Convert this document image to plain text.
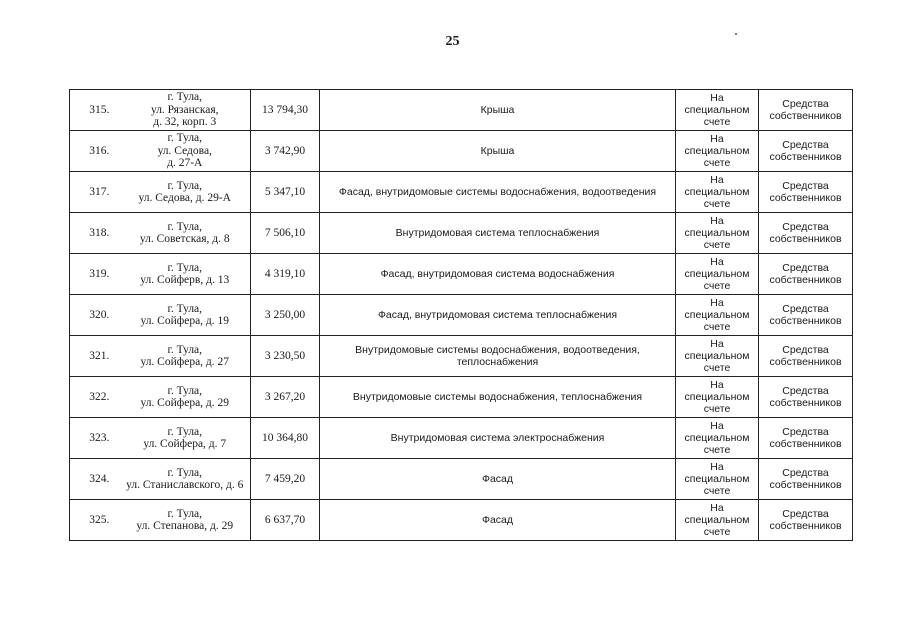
25
315.	г. Тула,
ул. Рязанская,
д. 32, корп. 3	13 794,30	Крыша	На
специальном
счете	Средства
собственников

316.	г. Тула,
ул. Седова,
д. 27-А	3 742,90	Крыша	На
специальном
счете	Средства
собственников

317.	г. Тула,
ул. Седова, д. 29-А	5 347,10	Фасад, внутридомовые системы водоснабжения, водоотведения	На
специальном
счете	Средства
собственников

318.	г. Тула,
ул. Советская, д. 8	7 506,10	Внутридомовая система теплоснабжения	На
специальном
счете	Средства
собственников

319.	г. Тула,
ул. Сойферв, д. 13	4 319,10	Фасад, внутридомовая система водоснабжения	На
специальном
счете	Средства
собственников

320.	г. Тула,
ул. Сойфера, д. 19	3 250,00	Фасад, внутридомовая система теплоснабжения	На
специальном
счете	Средства
собственников

321.	г. Тула,
ул. Сойфера, д. 27	3 230,50	Внутридомовые системы водоснабжения, водоотведения,
теплоснабжения	На
специальном
счете	Средства
собственников

322.	г. Тула,
ул. Сойфера, д. 29	3 267,20	Внутридомовые системы водоснабжения, теплоснабжения	На
специальном
счете	Средства
собственников

323.	г. Тула,
ул. Сойфера, д. 7	10 364,80	Внутридомовая система электроснабжения	На
специальном
счете	Средства
собственников

324.	г. Тула,
ул. Станиславского, д. 6	7 459,20	Фасад	На
специальном
счете	Средства
собственников

325.	г. Тула,
ул. Степанова, д. 29	6 637,70	Фасад	На
специальном
счете	Средства
собственников
